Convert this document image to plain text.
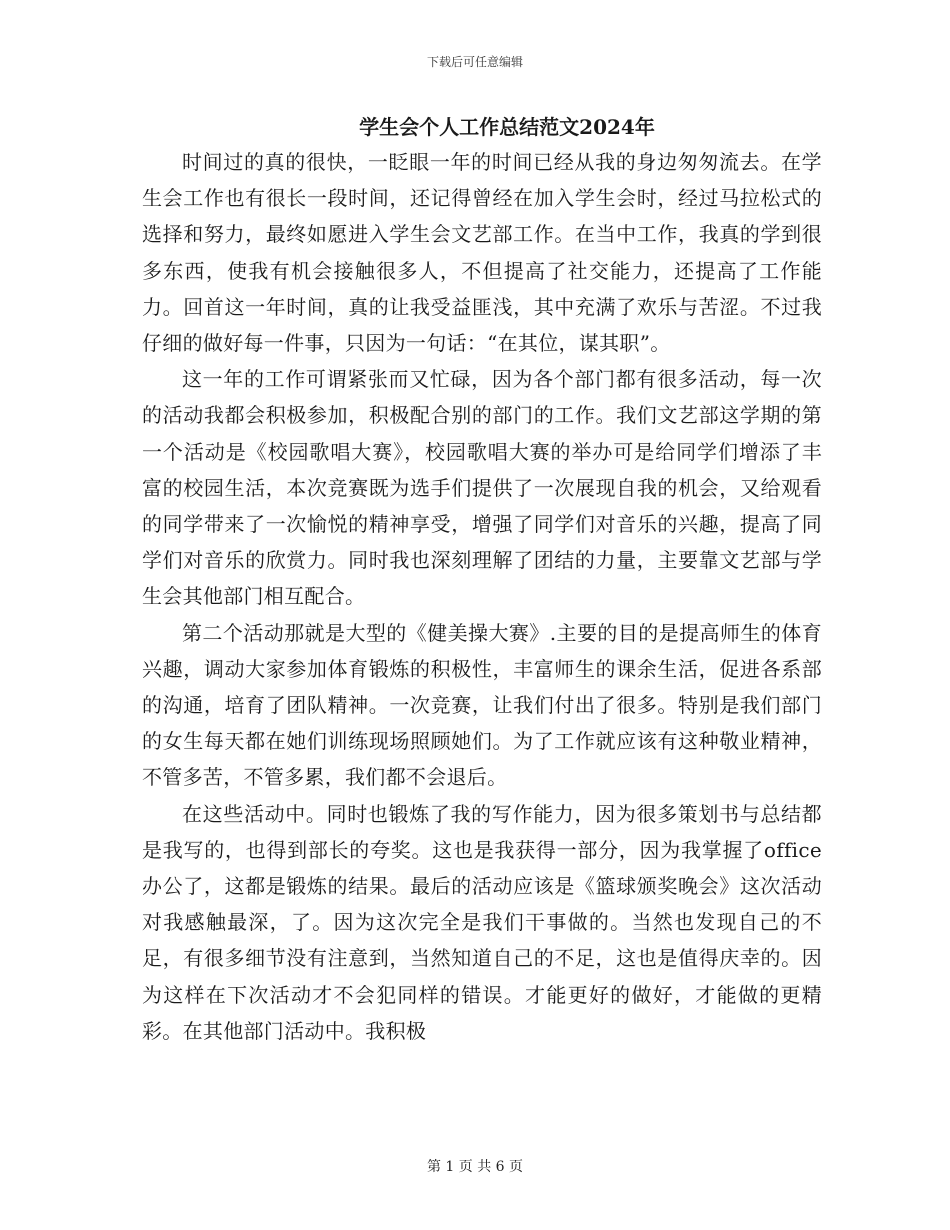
下载后可任意编辑
学生会个人工作总结范文2024年

时间过的真的很快，一眨眼一年的时间已经从我的身边匆匆流去。在学生会工作也有很长一段时间，还记得曾经在加入学生会时，经过马拉松式的选择和努力，最终如愿进入学生会文艺部工作。在当中工作，我真的学到很多东西，使我有机会接触很多人，不但提高了社交能力，还提高了工作能力。回首这一年时间，真的让我受益匪浅，其中充满了欢乐与苦涩。不过我仔细的做好每一件事，只因为一句话：“在其位，谋其职”。

这一年的工作可谓紧张而又忙碌，因为各个部门都有很多活动，每一次的活动我都会积极参加，积极配合别的部门的工作。我们文艺部这学期的第一个活动是《校园歌唱大赛》，校园歌唱大赛的举办可是给同学们增添了丰富的校园生活，本次竞赛既为选手们提供了一次展现自我的机会，又给观看的同学带来了一次愉悦的精神享受，增强了同学们对音乐的兴趣，提高了同学们对音乐的欣赏力。同时我也深刻理解了团结的力量，主要靠文艺部与学生会其他部门相互配合。

第二个活动那就是大型的《健美操大赛》.主要的目的是提高师生的体育兴趣，调动大家参加体育锻炼的积极性，丰富师生的课余生活，促进各系部的沟通，培育了团队精神。一次竞赛，让我们付出了很多。特别是我们部门的女生每天都在她们训练现场照顾她们。为了工作就应该有这种敬业精神，不管多苦，不管多累，我们都不会退后。

在这些活动中。同时也锻炼了我的写作能力，因为很多策划书与总结都是我写的，也得到部长的夸奖。这也是我获得一部分，因为我掌握了office办公了，这都是锻炼的结果。最后的活动应该是《篮球颁奖晚会》这次活动对我感触最深，了。因为这次完全是我们干事做的。当然也发现自己的不足，有很多细节没有注意到，当然知道自己的不足，这也是值得庆幸的。因为这样在下次活动才不会犯同样的错误。才能更好的做好，才能做的更精彩。在其他部门活动中。我积极

第 1 页 共 6 页
